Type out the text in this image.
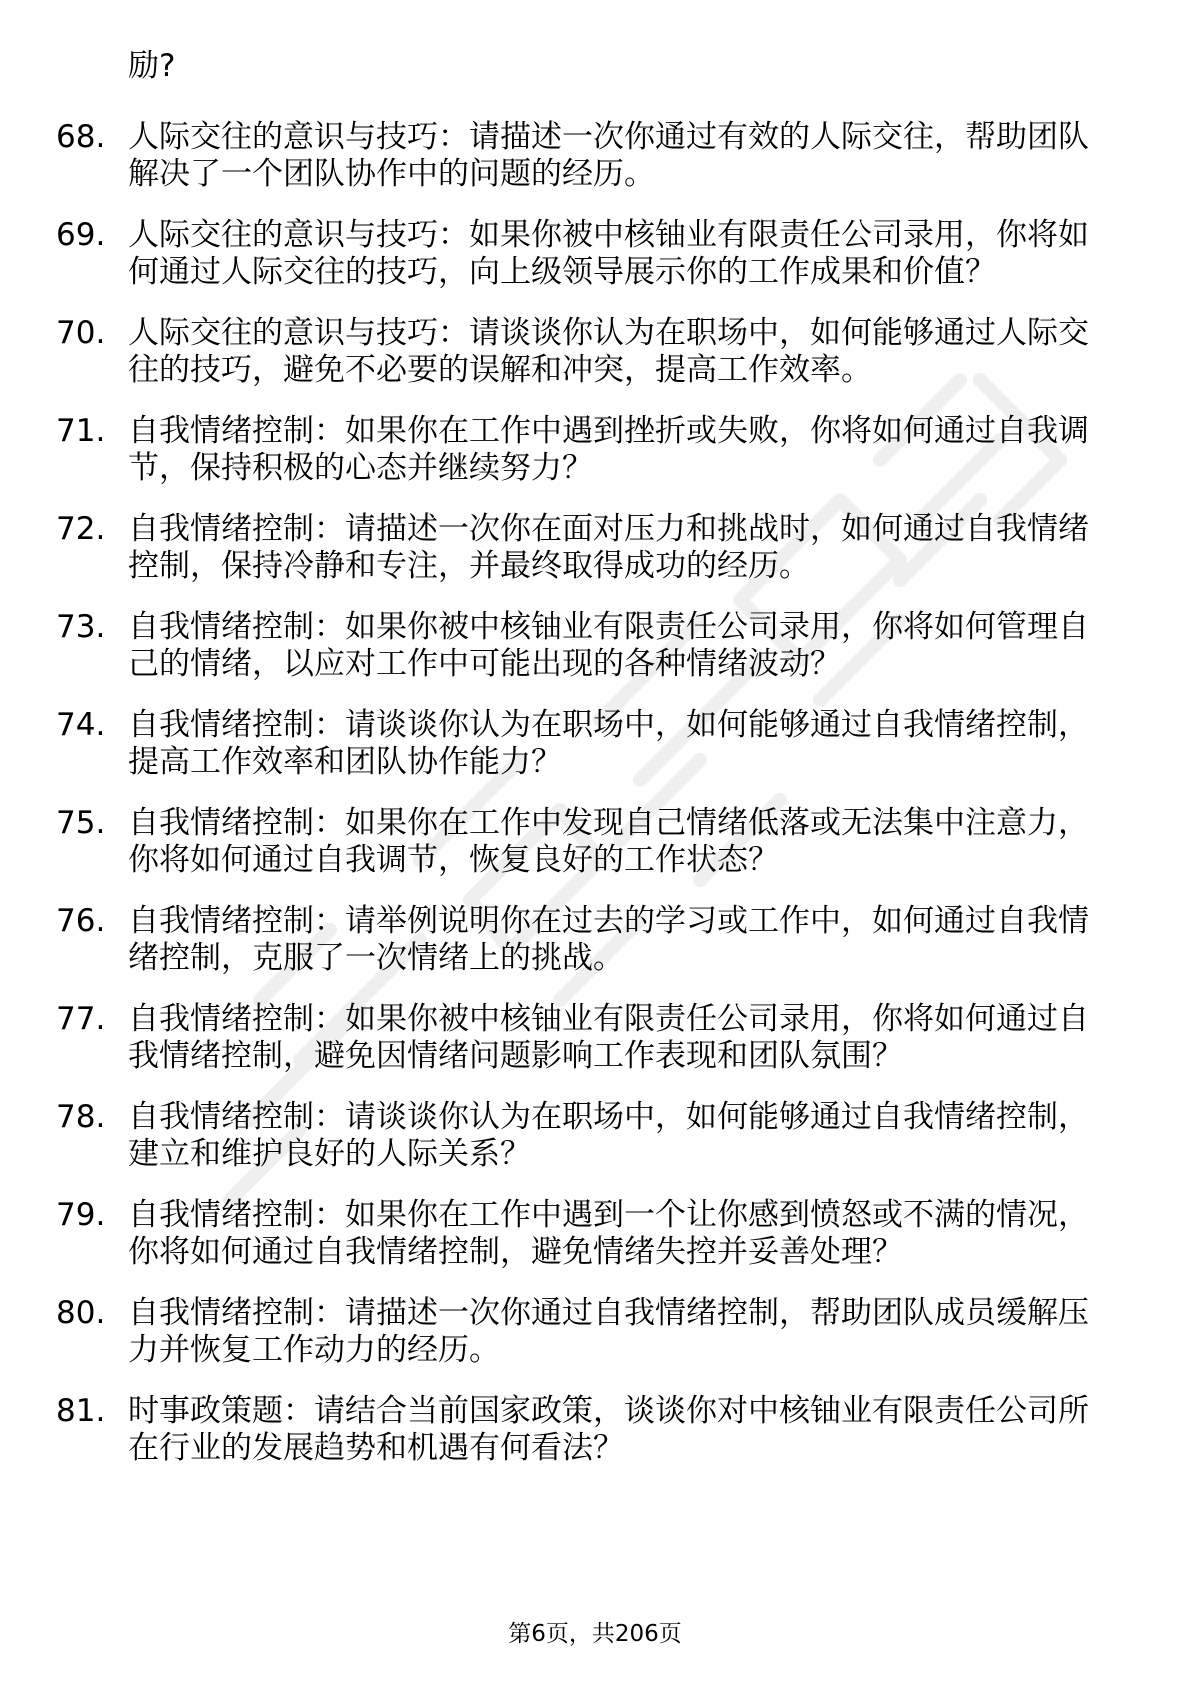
励?
68. 人际交往的意识与技巧：请描述一次你通过有效的人际交往，帮助团队解决了一个团队协作中的问题的经历。
69. 人际交往的意识与技巧：如果你被中核铀业有限责任公司录用，你将如何通过人际交往的技巧，向上级领导展示你的工作成果和价值？
70. 人际交往的意识与技巧：请谈谈你认为在职场中，如何能够通过人际交往的技巧，避免不必要的误解和冲突，提高工作效率。
71. 自我情绪控制：如果你在工作中遇到挫折或失败，你将如何通过自我调节，保持积极的心态并继续努力？
72. 自我情绪控制：请描述一次你在面对压力和挑战时，如何通过自我情绪控制，保持冷静和专注，并最终取得成功的经历。
73. 自我情绪控制：如果你被中核铀业有限责任公司录用，你将如何管理自己的情绪，以应对工作中可能出现的各种情绪波动？
74. 自我情绪控制：请谈谈你认为在职场中，如何能够通过自我情绪控制，提高工作效率和团队协作能力？
75. 自我情绪控制：如果你在工作中发现自己情绪低落或无法集中注意力，你将如何通过自我调节，恢复良好的工作状态？
76. 自我情绪控制：请举例说明你在过去的学习或工作中，如何通过自我情绪控制，克服了一次情绪上的挑战。
77. 自我情绪控制：如果你被中核铀业有限责任公司录用，你将如何通过自我情绪控制，避免因情绪问题影响工作表现和团队氛围？
78. 自我情绪控制：请谈谈你认为在职场中，如何能够通过自我情绪控制，建立和维护良好的人际关系？
79. 自我情绪控制：如果你在工作中遇到一个让你感到愤怒或不满的情况，你将如何通过自我情绪控制，避免情绪失控并妥善处理？
80. 自我情绪控制：请描述一次你通过自我情绪控制，帮助团队成员缓解压力并恢复工作动力的经历。
81. 时事政策题：请结合当前国家政策，谈谈你对中核铀业有限责任公司所在行业的发展趋势和机遇有何看法？
第6页，共206页
